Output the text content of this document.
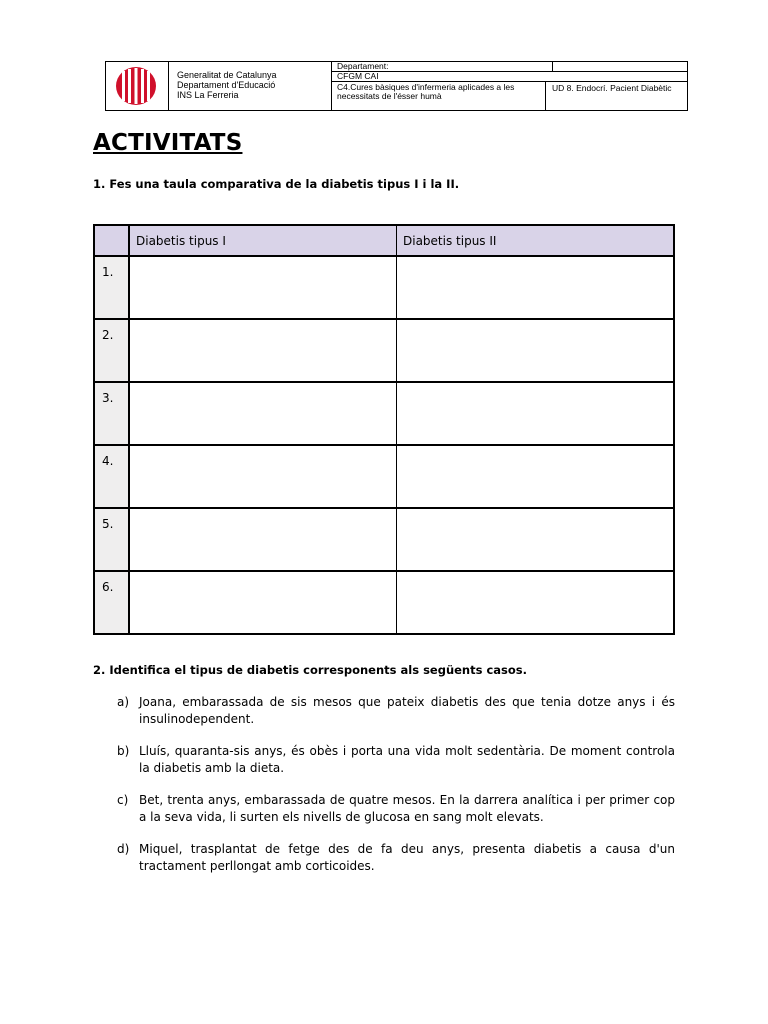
Generalitat de Catalunya
Departament d'Educació
INS La Ferreria
Departament:
CFGM CAI
C4.Cures bàsiques d'infermeria aplicades a les necessitats de l'ésser humà
UD 8. Endocrí. Pacient Diabètic
ACTIVITATS
1. Fes una taula comparativa de la diabetis tipus I i la II.
	Diabetis tipus I	Diabetis tipus II
1.		
2.		
3.		
4.		
5.		
6.		
2. Identifica el tipus de diabetis corresponents als següents casos.
a) Joana, embarassada de sis mesos que pateix diabetis des que tenia dotze anys i és insulinodependent.
b) Lluís, quaranta-sis anys, és obès i porta una vida molt sedentària. De moment controla la diabetis amb la dieta.
c) Bet, trenta anys, embarassada de quatre mesos. En la darrera analítica i per primer cop a la seva vida, li surten els nivells de glucosa en sang molt elevats.
d) Miquel, trasplantat de fetge des de fa deu anys, presenta diabetis a causa d'un tractament perllongat amb corticoides.
